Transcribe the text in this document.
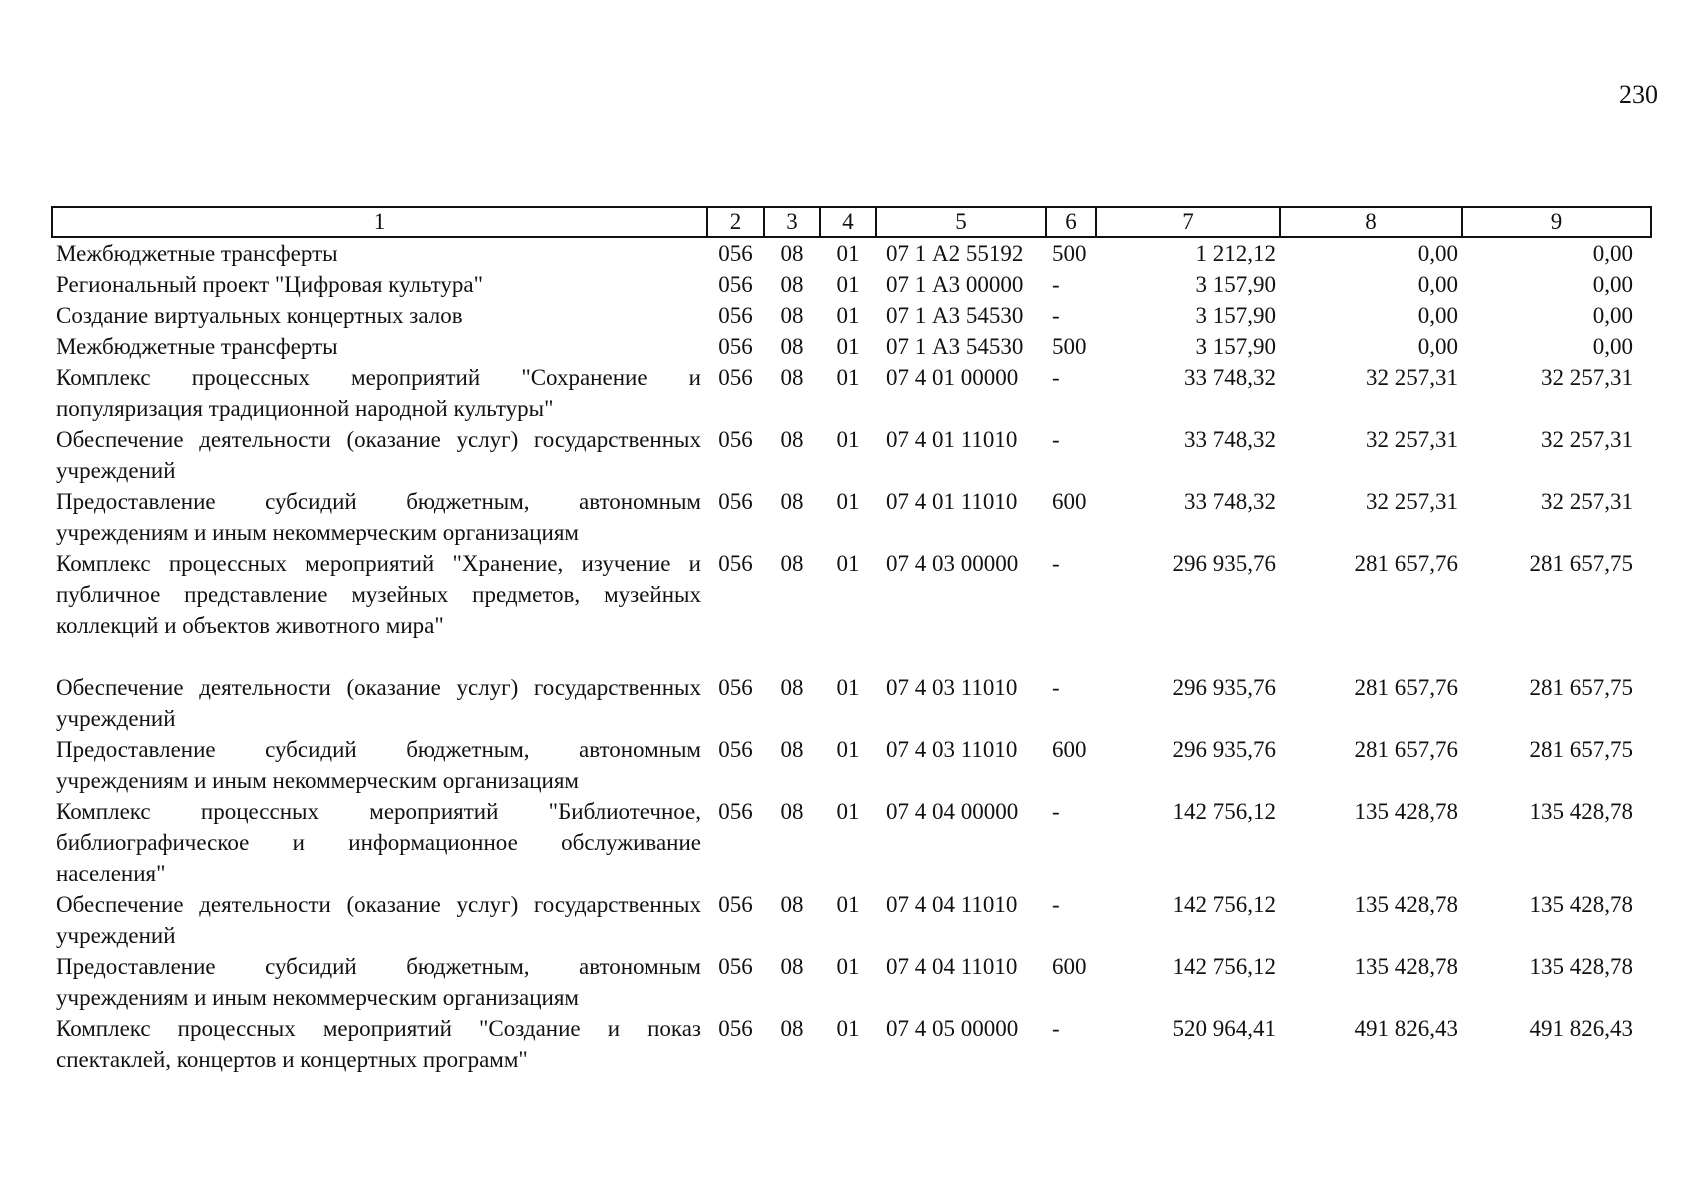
230
1	2	3	4	5	6	7	8	9
Межбюджетные трансферты	056	08	01	07 1 А2 55192	500	1 212,12	0,00	0,00
Региональный проект "Цифровая культура"	056	08	01	07 1 А3 00000	-	3 157,90	0,00	0,00
Создание виртуальных концертных залов	056	08	01	07 1 А3 54530	-	3 157,90	0,00	0,00
Межбюджетные трансферты	056	08	01	07 1 А3 54530	500	3 157,90	0,00	0,00
Комплекс процессных мероприятий "Сохранение и популяризация традиционной народной культуры"	056	08	01	07 4 01 00000	-	33 748,32	32 257,31	32 257,31
Обеспечение деятельности (оказание услуг) государственных учреждений	056	08	01	07 4 01 11010	-	33 748,32	32 257,31	32 257,31
Предоставление субсидий бюджетным, автономным учреждениям и иным некоммерческим организациям	056	08	01	07 4 01 11010	600	33 748,32	32 257,31	32 257,31
Комплекс процессных мероприятий "Хранение, изучение и публичное представление музейных предметов, музейных коллекций и объектов животного мира"	056	08	01	07 4 03 00000	-	296 935,76	281 657,76	281 657,75
Обеспечение деятельности (оказание услуг) государственных учреждений	056	08	01	07 4 03 11010	-	296 935,76	281 657,76	281 657,75
Предоставление субсидий бюджетным, автономным учреждениям и иным некоммерческим организациям	056	08	01	07 4 03 11010	600	296 935,76	281 657,76	281 657,75
Комплекс процессных мероприятий "Библиотечное, библиографическое и информационное обслуживание населения"	056	08	01	07 4 04 00000	-	142 756,12	135 428,78	135 428,78
Обеспечение деятельности (оказание услуг) государственных учреждений	056	08	01	07 4 04 11010	-	142 756,12	135 428,78	135 428,78
Предоставление субсидий бюджетным, автономным учреждениям и иным некоммерческим организациям	056	08	01	07 4 04 11010	600	142 756,12	135 428,78	135 428,78
Комплекс процессных мероприятий "Создание и показ спектаклей, концертов и концертных программ"	056	08	01	07 4 05 00000	-	520 964,41	491 826,43	491 826,43
